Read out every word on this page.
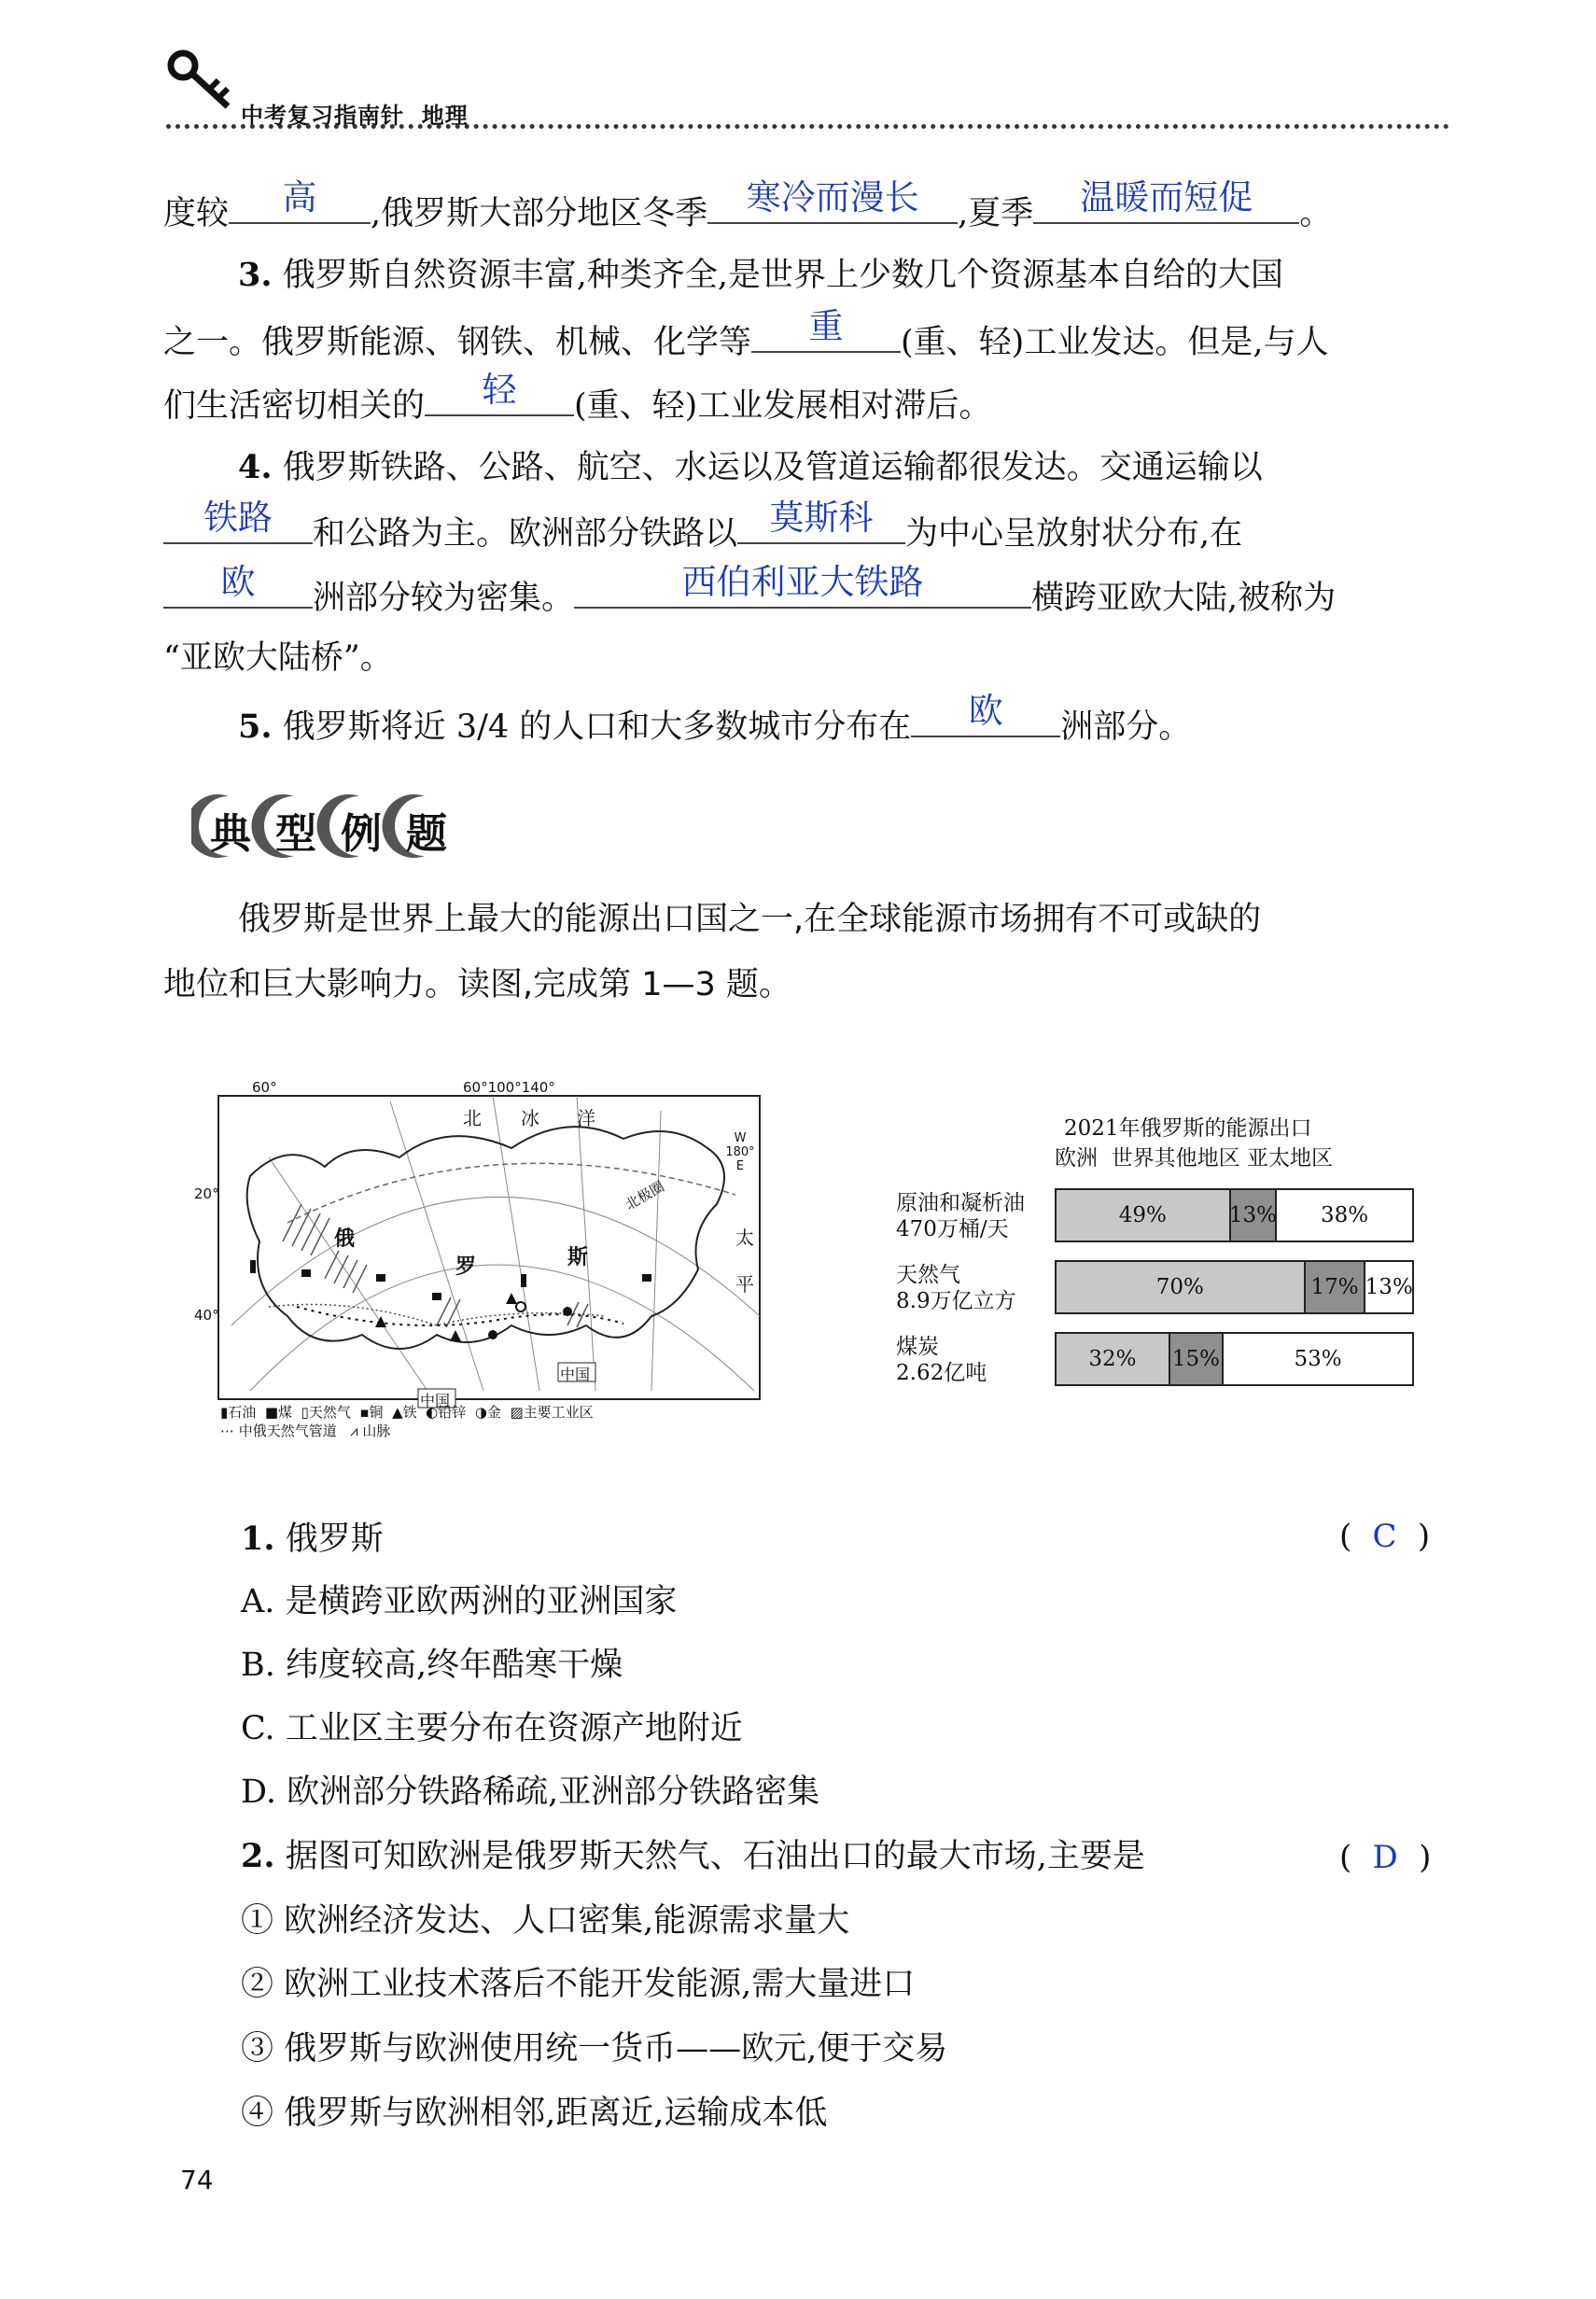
中考复习指南针 地理
度较	高	,俄罗斯大部分地区冬季	寒冷而漫长	,夏季	温暖而短促	。
3. 俄罗斯自然资源丰富,种类齐全,是世界上少数几个资源基本自给的大国
之一。俄罗斯能源、钢铁、机械、化学等	重	(重、轻)工业发达。但是,与人
们生活密切相关的	轻	(重、轻)工业发展相对滞后。
4. 俄罗斯铁路、公路、航空、水运以及管道运输都很发达。交通运输以
铁路	和公路为主。欧洲部分铁路以 莫斯科 为中心呈放射状分布,在
欧	洲部分较为密集。	西伯利亚大铁路	横跨亚欧大陆,被称为
“亚欧大陆桥”。
5. 俄罗斯将近 3/4 的人口和大多数城市分布在	欧	洲部分。
典 型 例 题
俄罗斯是世界上最大的能源出口国之一,在全球能源市场拥有不可或缺的
地位和巨大影响力。读图,完成第 1—3 题。
60°	60°100°140°
20°
40°
北 冰 洋
俄
罗	斯
北极圈
太
平
中国
中国
W 180° E
▮石油  ■煤  ▯天然气  ▪铜  ▲铁  ◐铅锌  ◑金  ▨主要工业区
⋯ 中俄天然气管道   ⩘ 山脉
2021年俄罗斯的能源出口
欧洲 世界其他地区 亚太地区
原油和凝析油
470万桶/天
49%	13%	38%
天然气
8.9万亿立方
70%	17% 13%
煤炭
2.62亿吨
32%	15%	53%
1. 俄罗斯	( C )
A. 是横跨亚欧两洲的亚洲国家
B. 纬度较高,终年酷寒干燥
C. 工业区主要分布在资源产地附近
D. 欧洲部分铁路稀疏,亚洲部分铁路密集
2. 据图可知欧洲是俄罗斯天然气、石油出口的最大市场,主要是	( D )
① 欧洲经济发达、人口密集,能源需求量大
② 欧洲工业技术落后不能开发能源,需大量进口
③ 俄罗斯与欧洲使用统一货币——欧元,便于交易
④ 俄罗斯与欧洲相邻,距离近,运输成本低
74
